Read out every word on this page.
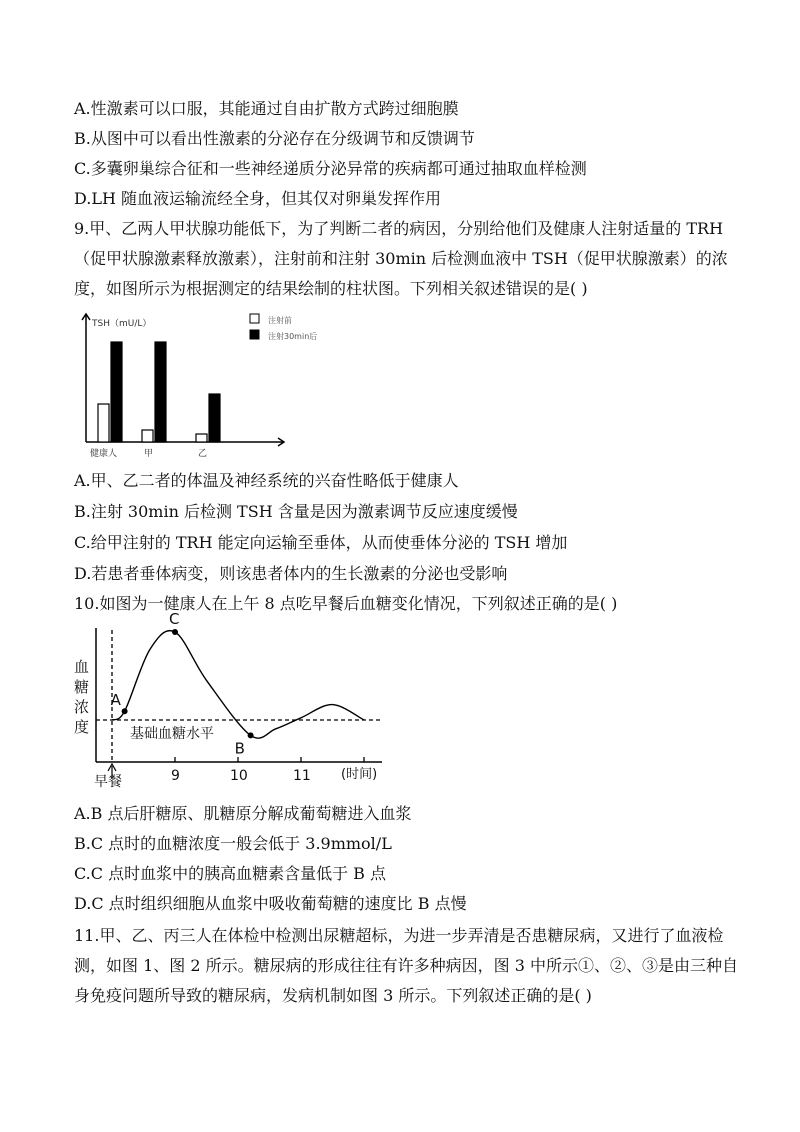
A.性激素可以口服，其能通过自由扩散方式跨过细胞膜
B.从图中可以看出性激素的分泌存在分级调节和反馈调节
C.多囊卵巢综合征和一些神经递质分泌异常的疾病都可通过抽取血样检测
D.LH 随血液运输流经全身，但其仅对卵巢发挥作用
9.甲、乙两人甲状腺功能低下，为了判断二者的病因，分别给他们及健康人注射适量的 TRH
（促甲状腺激素释放激素），注射前和注射 30min 后检测血液中 TSH（促甲状腺激素）的浓
度，如图所示为根据测定的结果绘制的柱状图。下列相关叙述错误的是( )
TSH（mU/L）
健康人	甲	乙
注射前
注射30min后
A.甲、乙二者的体温及神经系统的兴奋性略低于健康人
B.注射 30min 后检测 TSH 含量是因为激素调节反应速度缓慢
C.给甲注射的 TRH 能定向运输至垂体，从而使垂体分泌的 TSH 增加
D.若患者垂体病变，则该患者体内的生长激素的分泌也受影响
10.如图为一健康人在上午 8 点吃早餐后血糖变化情况，下列叙述正确的是( )
血
糖
浓
度	基础血糖水平
早餐	9	10	11 (时间)
A
C
B
A.B 点后肝糖原、肌糖原分解成葡萄糖进入血浆
B.C 点时的血糖浓度一般会低于 3.9mmol/L
C.C 点时血浆中的胰高血糖素含量低于 B 点
D.C 点时组织细胞从血浆中吸收葡萄糖的速度比 B 点慢
11.甲、乙、丙三人在体检中检测出尿糖超标，为进一步弄清是否患糖尿病，又进行了血液检
测，如图 1、图 2 所示。糖尿病的形成往往有许多种病因，图 3 中所示①、②、③是由三种自
身免疫问题所导致的糖尿病，发病机制如图 3 所示。下列叙述正确的是( )
